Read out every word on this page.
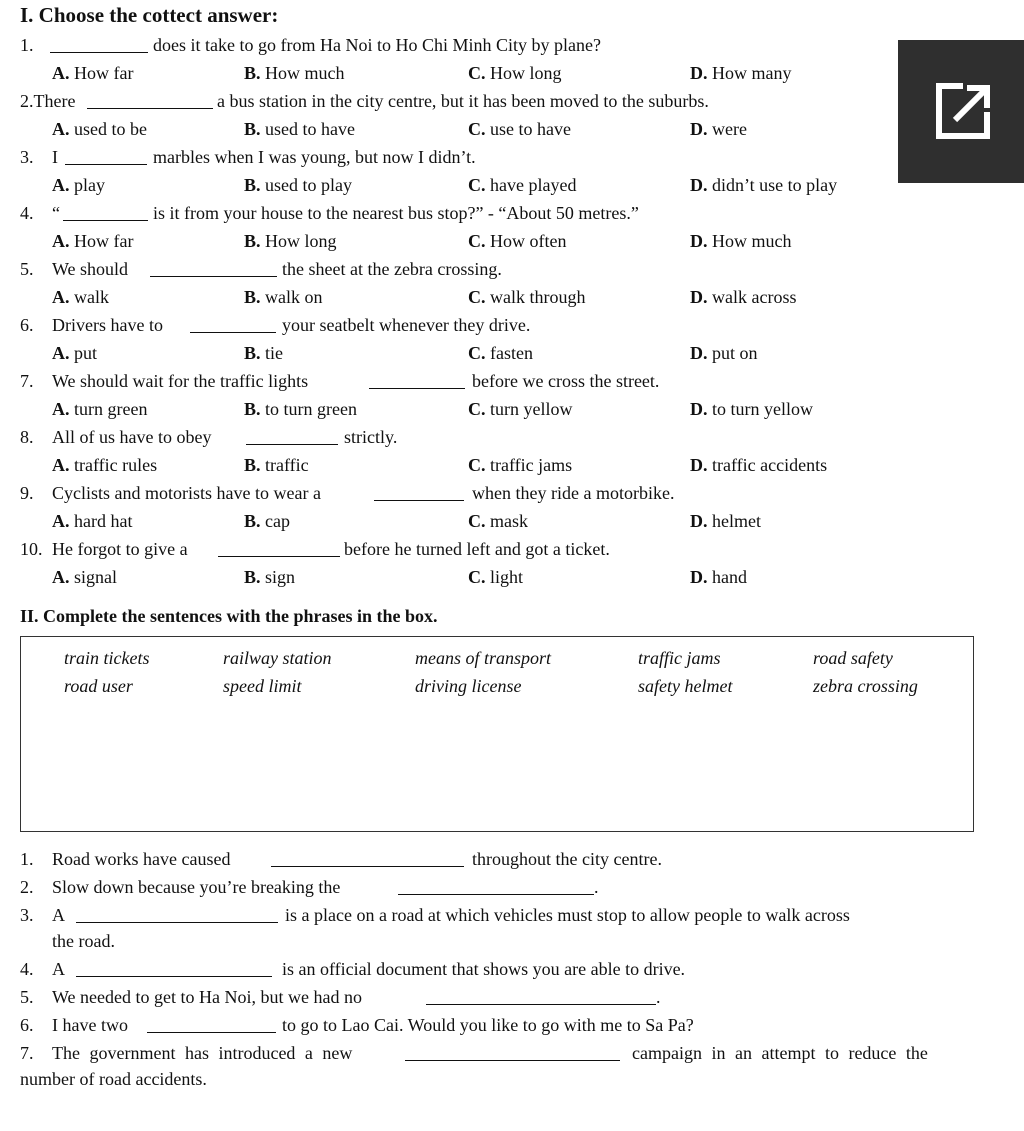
I. Choose the cottect answer:
1.	does it take to go from Ha Noi to Ho Chi Minh City by plane?
A. How far	B. How much	C. How long	D. How many
2.There	a bus station in the city centre, but it has been moved to the suburbs.
A. used to be	B. used to have	C. use to have	D. were
3. I	marbles when I was young, but now I didn’t.
A. play	B. used to play	C. have played	D. didn’t use to play
4. “	is it from your house to the nearest bus stop?” - “About 50 metres.”
A. How far	B. How long	C. How often	D. How much
5. We should	the sheet at the zebra crossing.
A. walk	B. walk on	C. walk through	D. walk across
6. Drivers have to	your seatbelt whenever they drive.
A. put	B. tie	C. fasten	D. put on
7. We should wait for the traffic lights	before we cross the street.
A. turn green	B. to turn green	C. turn yellow	D. to turn yellow
8. All of us have to obey	strictly.
A. traffic rules	B. traffic	C. traffic jams	D. traffic accidents
9. Cyclists and motorists have to wear a	when they ride a motorbike.
A. hard hat	B. cap	C. mask	D. helmet
10. He forgot to give a	before he turned left and got a ticket.
A. signal	B. sign	C. light	D. hand
II. Complete the sentences with the phrases in the box.
train tickets	railway station	means of transport	traffic jams	road safety
road user	speed limit	driving license	safety helmet	zebra crossing
1. Road works have caused	throughout the city centre.
2. Slow down because you’re breaking the	.
3. A	is a place on a road at which vehicles must stop to allow people to walk across
the road.
4. A	is an official document that shows you are able to drive.
5. We needed to get to Ha Noi, but we had no	.
6. I have two	to go to Lao Cai. Would you like to go with me to Sa Pa?
7. The government has introduced a new	campaign in an attempt to reduce the
number of road accidents.
